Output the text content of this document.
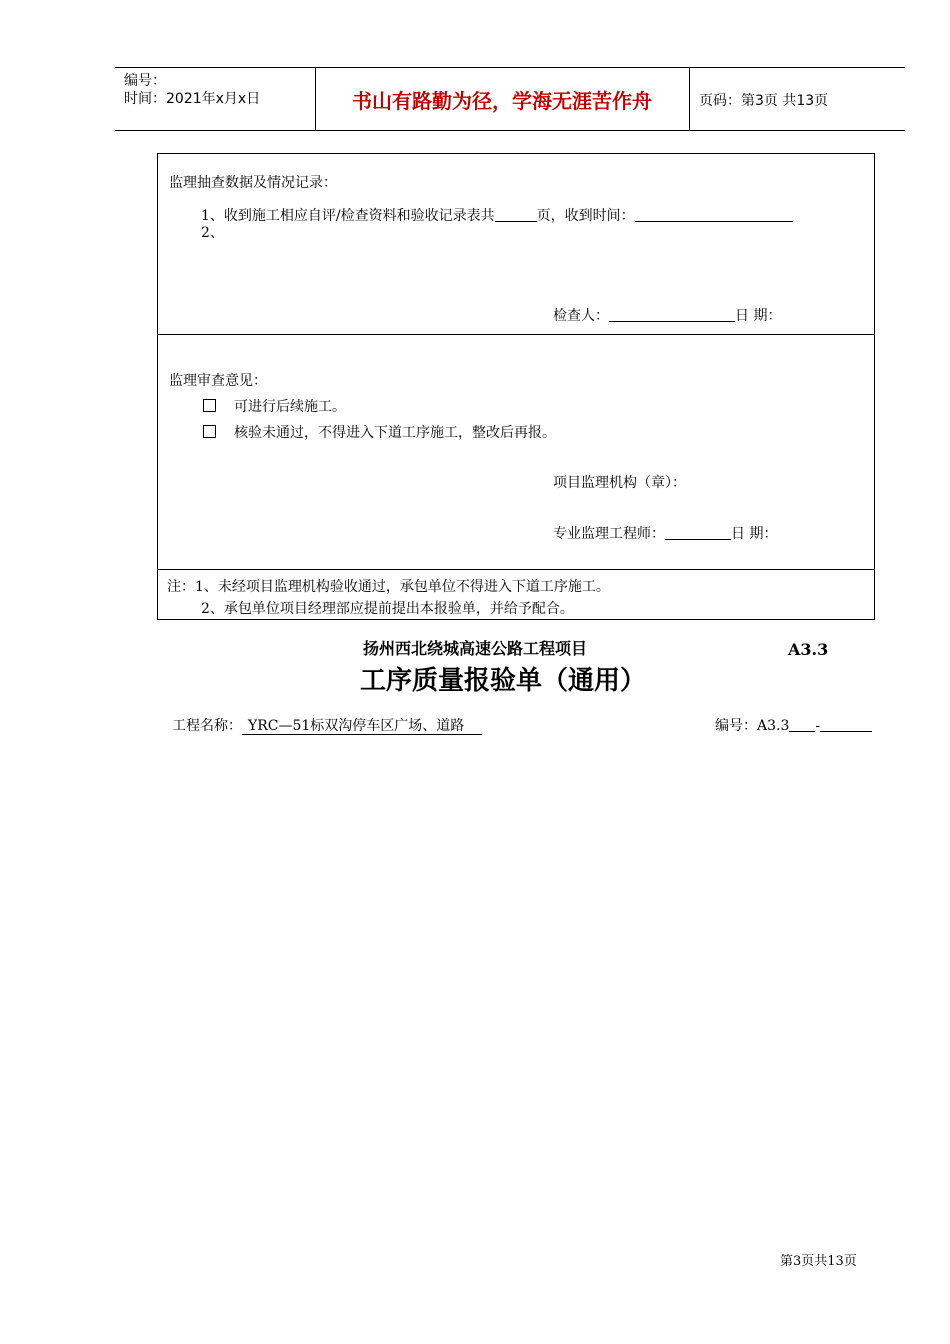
编号：
时间：2021年x月x日	书山有路勤为径，学海无涯苦作舟	页码：第3页 共13页
监理抽查数据及情况记录：
1、收到施工相应自评/检查资料和验收记录表共	页，收到时间：
2、
检查人：	日 期：
监理审查意见：
可进行后续施工。
核验未通过，不得进入下道工序施工，整改后再报。
项目监理机构（章）：
专业监理工程师：	日 期：
注：1、未经项目监理机构验收通过，承包单位不得进入下道工序施工。
2、承包单位项目经理部应提前提出本报验单，并给予配合。
扬州西北绕城高速公路工程项目	A3.3
工序质量报验单（通用）
工程名称： YRC—51标双沟停车区广场、道路	编号：A3.3 -
第3页共13页
